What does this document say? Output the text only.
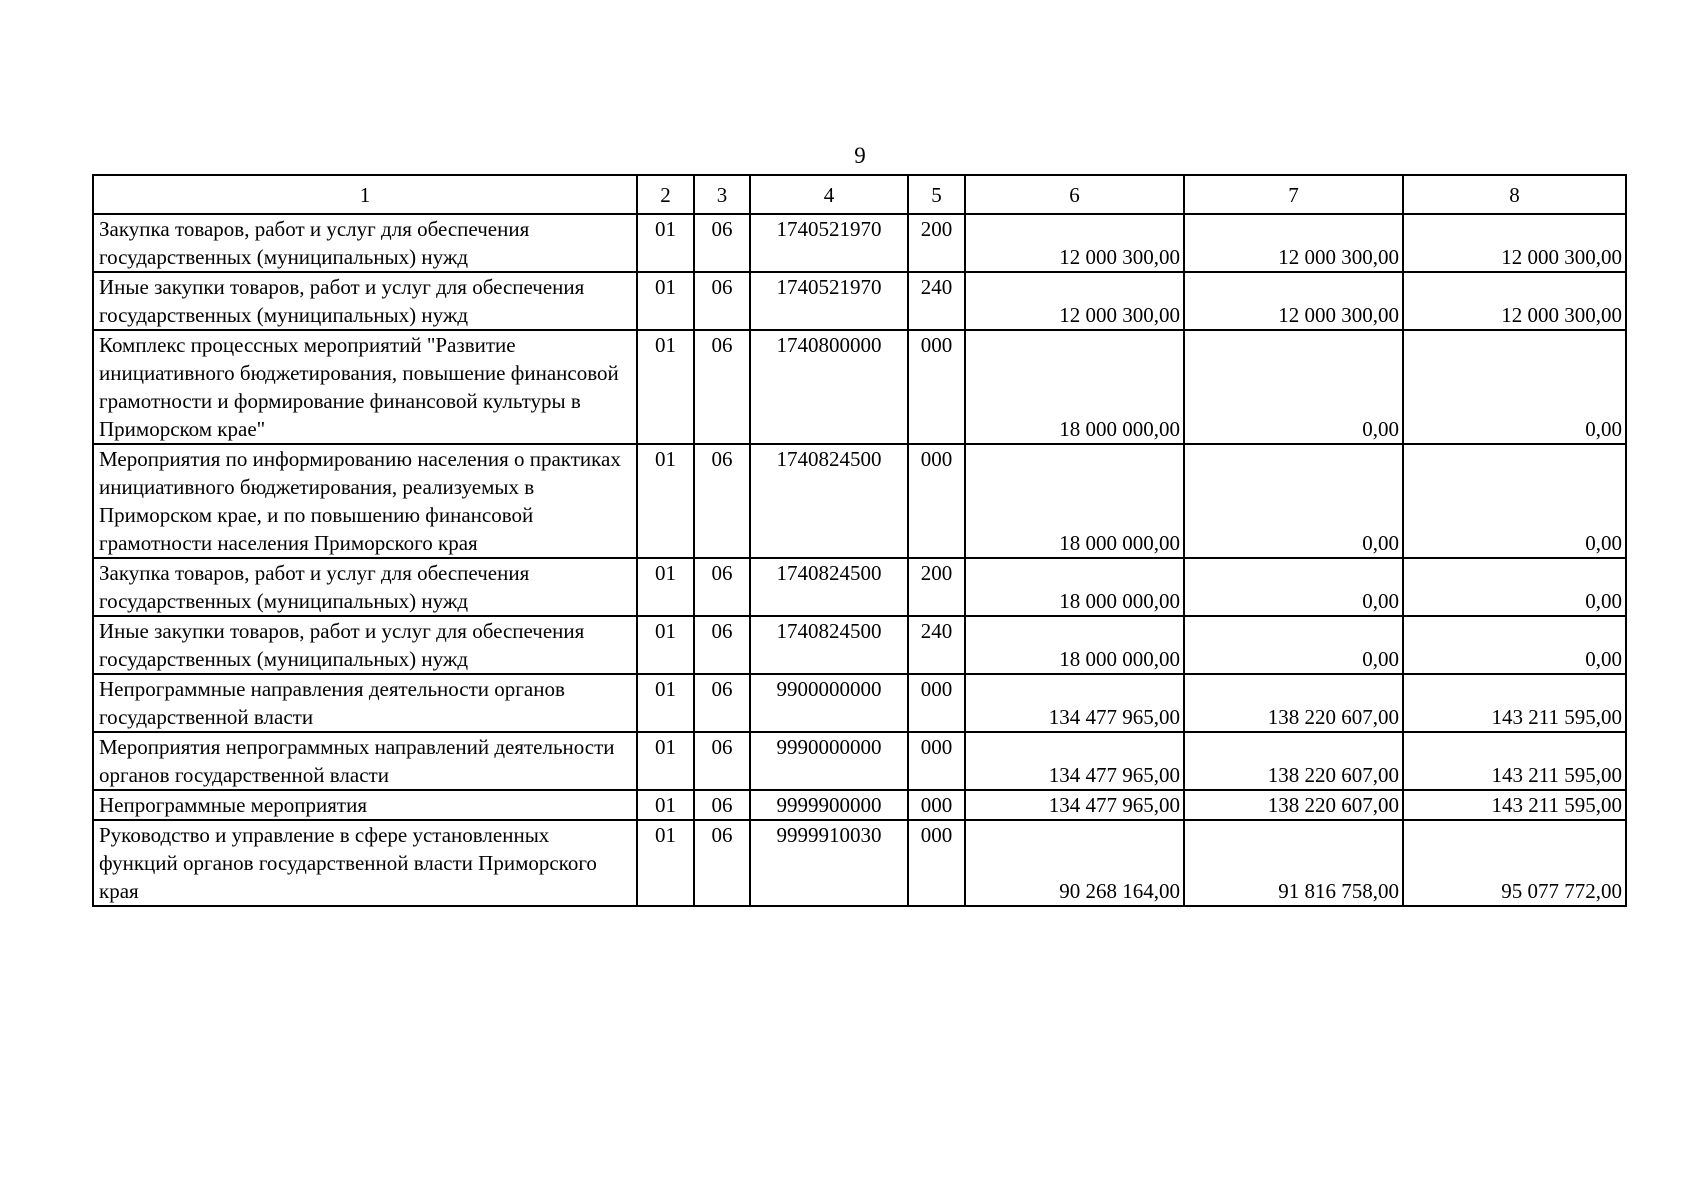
9
1	2	3	4	5	6	7	8
Закупка товаров, работ и услуг для обеспечения государственных (муниципальных) нужд	01	06	1740521970	200	12 000 300,00	12 000 300,00	12 000 300,00
Иные закупки товаров, работ и услуг для обеспечения государственных (муниципальных) нужд	01	06	1740521970	240	12 000 300,00	12 000 300,00	12 000 300,00
Комплекс процессных мероприятий "Развитие инициативного бюджетирования, повышение финансовой грамотности и формирование финансовой культуры в Приморском крае"	01	06	1740800000	000	18 000 000,00	0,00	0,00
Мероприятия по информированию населения о практиках инициативного бюджетирования, реализуемых в Приморском крае, и по повышению финансовой грамотности населения Приморского края	01	06	1740824500	000	18 000 000,00	0,00	0,00
Закупка товаров, работ и услуг для обеспечения государственных (муниципальных) нужд	01	06	1740824500	200	18 000 000,00	0,00	0,00
Иные закупки товаров, работ и услуг для обеспечения государственных (муниципальных) нужд	01	06	1740824500	240	18 000 000,00	0,00	0,00
Непрограммные направления деятельности органов государственной власти	01	06	9900000000	000	134 477 965,00	138 220 607,00	143 211 595,00
Мероприятия непрограммных направлений деятельности органов государственной власти	01	06	9990000000	000	134 477 965,00	138 220 607,00	143 211 595,00
Непрограммные мероприятия	01	06	9999900000	000	134 477 965,00	138 220 607,00	143 211 595,00
Руководство и управление в сфере установленных функций органов государственной власти Приморского края	01	06	9999910030	000	90 268 164,00	91 816 758,00	95 077 772,00
